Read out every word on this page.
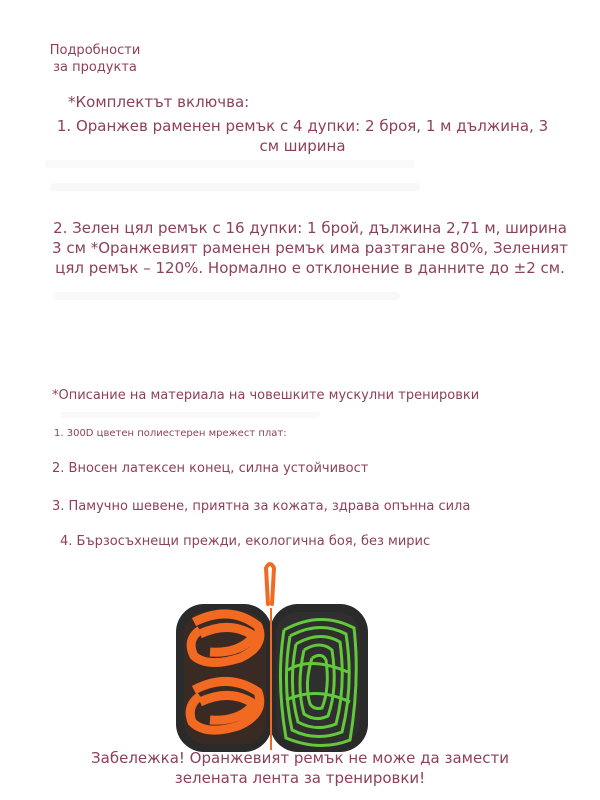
Подробности
за продукта
*Комплектът включва:
1. Оранжев раменен ремък с 4 дупки: 2 броя, 1 м дължина, 3
см ширина
2. Зелен цял ремък с 16 дупки: 1 брой, дължина 2,71 м, ширина
3 см *Оранжевият раменен ремък има разтягане 80%, Зеленият
цял ремък – 120%. Нормално е отклонение в данните до ±2 см.
*Описание на материала на човешките мускулни тренировки
1. 300D цветен полиестерен мрежест плат:
2. Вносен латексен конец, силна устойчивост
3. Памучно шевене, приятна за кожата, здрава опънна сила
4. Бързосъхнещи прежди, екологична боя, без мирис
Забележка! Оранжевият ремък не може да замести
зелената лента за тренировки!
